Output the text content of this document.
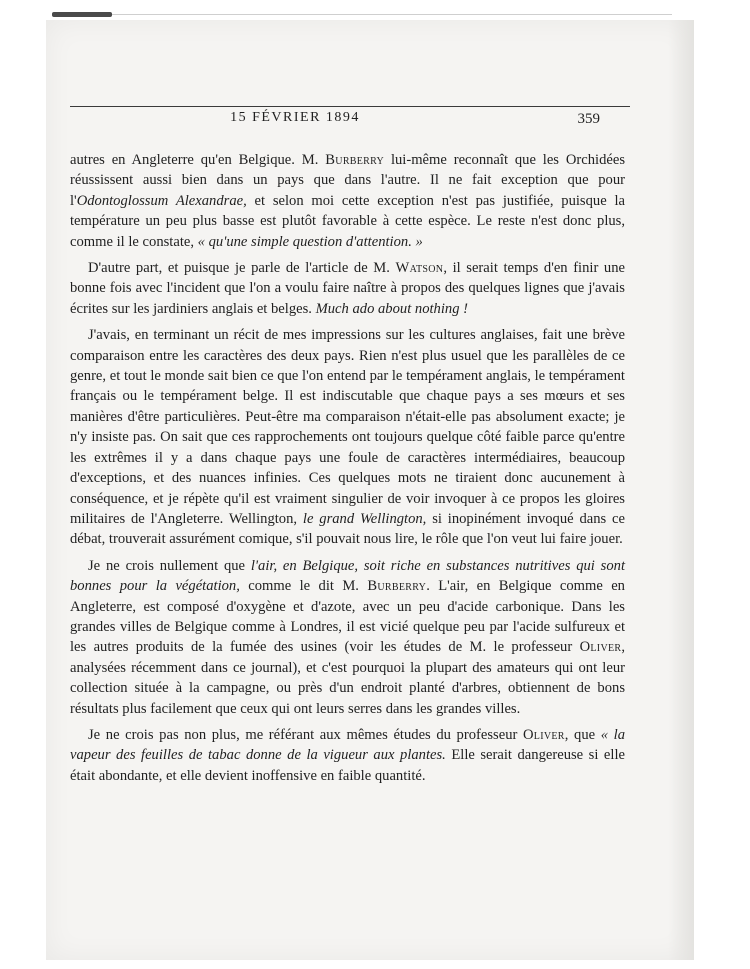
15 FÉVRIER 1894	359

autres en Angleterre qu'en Belgique. M. Burberry lui-même reconnaît que les Orchidées réussissent aussi bien dans un pays que dans l'autre. Il ne fait exception que pour l'Odontoglossum Alexandrae, et selon moi cette exception n'est pas justifiée, puisque la température un peu plus basse est plutôt favorable à cette espèce. Le reste n'est donc plus, comme il le constate, « qu'une simple question d'attention. »

D'autre part, et puisque je parle de l'article de M. Watson, il serait temps d'en finir une bonne fois avec l'incident que l'on a voulu faire naître à propos des quelques lignes que j'avais écrites sur les jardiniers anglais et belges. Much ado about nothing !

J'avais, en terminant un récit de mes impressions sur les cultures anglaises, fait une brève comparaison entre les caractères des deux pays. Rien n'est plus usuel que les parallèles de ce genre, et tout le monde sait bien ce que l'on entend par le tempérament anglais, le tempérament français ou le tempérament belge. Il est indiscutable que chaque pays a ses mœurs et ses manières d'être particulières. Peut-être ma comparaison n'était-elle pas absolument exacte; je n'y insiste pas. On sait que ces rapprochements ont toujours quelque côté faible parce qu'entre les extrêmes il y a dans chaque pays une foule de caractères intermédiaires, beaucoup d'exceptions, et des nuances infinies. Ces quelques mots ne tiraient donc aucunement à conséquence, et je répète qu'il est vraiment singulier de voir invoquer à ce propos les gloires militaires de l'Angleterre. Wellington, le grand Wellington, si inopinément invoqué dans ce débat, trouverait assurément comique, s'il pouvait nous lire, le rôle que l'on veut lui faire jouer.

Je ne crois nullement que l'air, en Belgique, soit riche en substances nutritives qui sont bonnes pour la végétation, comme le dit M. Burberry. L'air, en Belgique comme en Angleterre, est composé d'oxygène et d'azote, avec un peu d'acide carbonique. Dans les grandes villes de Belgique comme à Londres, il est vicié quelque peu par l'acide sulfureux et les autres produits de la fumée des usines (voir les études de M. le professeur Oliver, analysées récemment dans ce journal), et c'est pourquoi la plupart des amateurs qui ont leur collection située à la campagne, ou près d'un endroit planté d'arbres, obtiennent de bons résultats plus facilement que ceux qui ont leurs serres dans les grandes villes.

Je ne crois pas non plus, me référant aux mêmes études du professeur Oliver, que « la vapeur des feuilles de tabac donne de la vigueur aux plantes. Elle serait dangereuse si elle était abondante, et elle devient inoffensive en faible quantité.
